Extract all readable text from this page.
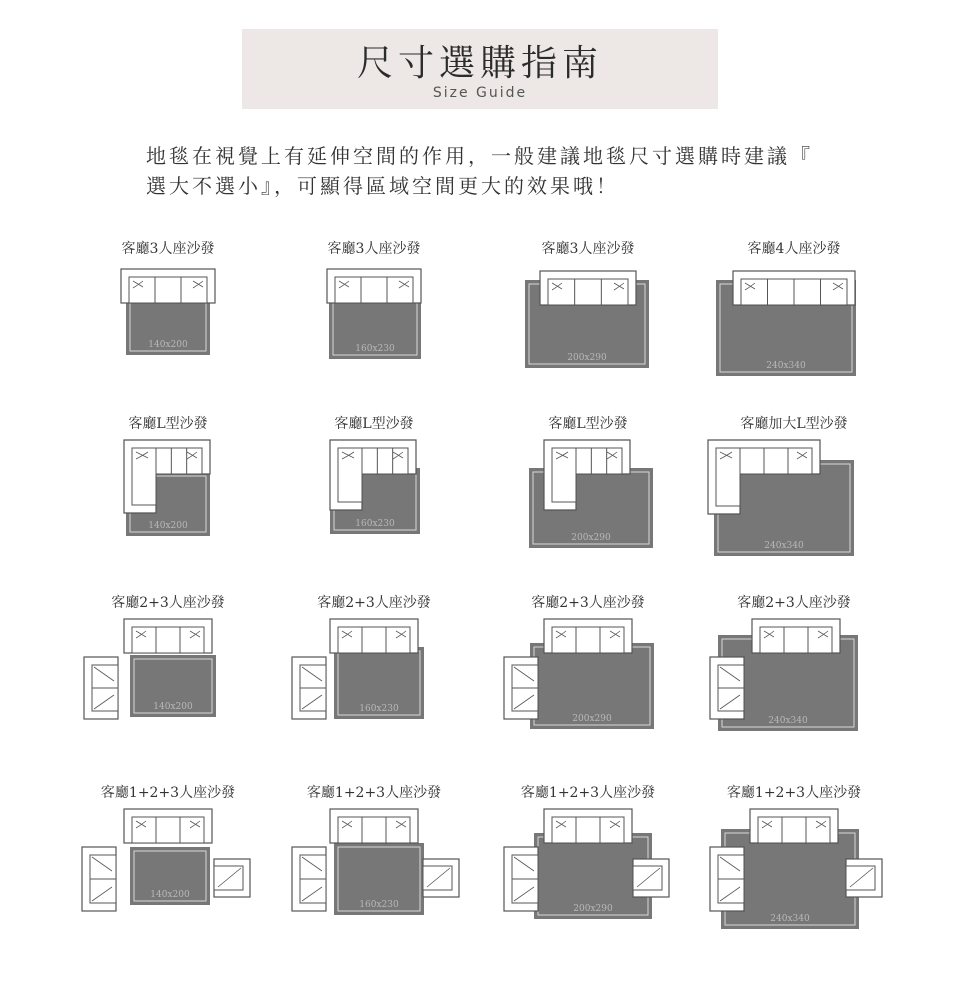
尺寸選購指南
Size Guide
地毯在視覺上有延伸空間的作用，一般建議地毯尺寸選購時建議『
選大不選小』，可顯得區域空間更大的效果哦！
客廳3人座沙發
140x200
客廳3人座沙發
160x230
客廳3人座沙發
200x290
客廳4人座沙發
240x340
客廳L型沙發
140x200
客廳L型沙發
160x230
客廳L型沙發
200x290
客廳加大L型沙發
240x340
客廳2+3人座沙發
140x200
客廳2+3人座沙發
160x230
客廳2+3人座沙發
200x290
客廳2+3人座沙發
240x340
客廳1+2+3人座沙發
140x200
客廳1+2+3人座沙發
160x230
客廳1+2+3人座沙發
200x290
客廳1+2+3人座沙發
240x340
